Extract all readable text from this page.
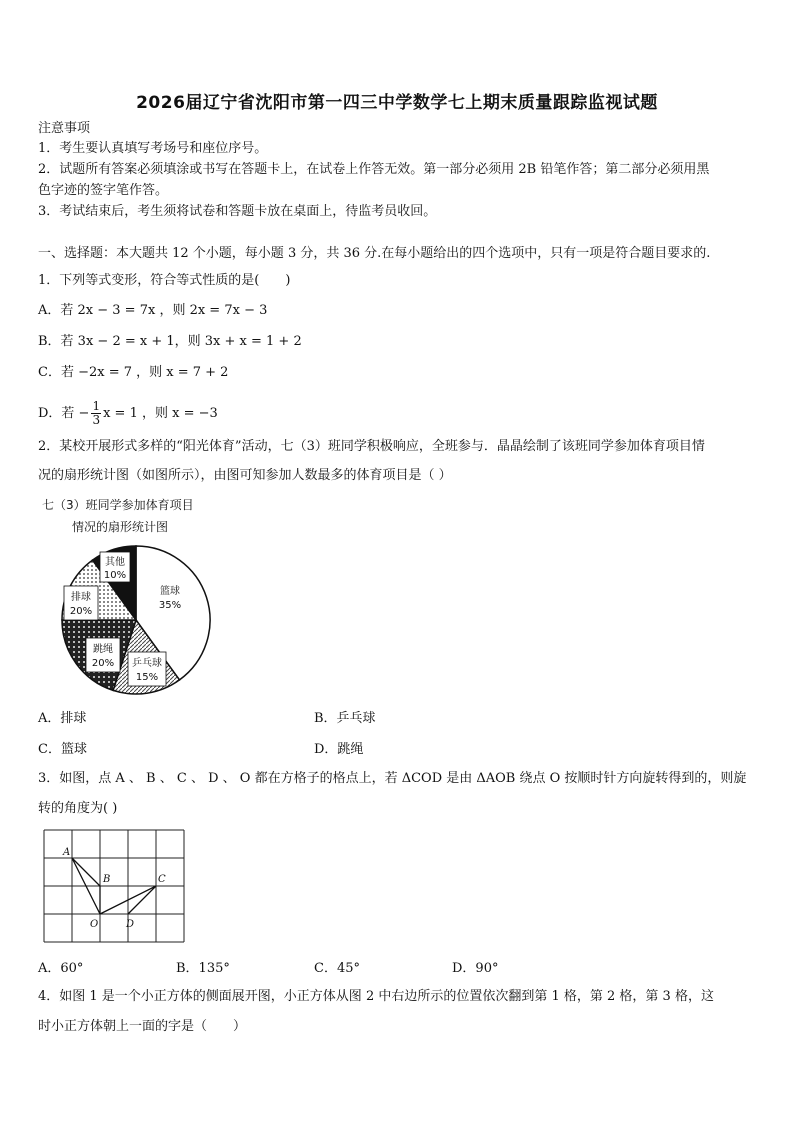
2026届辽宁省沈阳市第一四三中学数学七上期末质量跟踪监视试题
注意事项
1．考生要认真填写考场号和座位序号。
2．试题所有答案必须填涂或书写在答题卡上，在试卷上作答无效。第一部分必须用 2B 铅笔作答；第二部分必须用黑
色字迹的签字笔作答。
3．考试结束后，考生须将试卷和答题卡放在桌面上，待监考员收回。
一、选择题：本大题共 12 个小题，每小题 3 分，共 36 分.在每小题给出的四个选项中，只有一项是符合题目要求的.
1．下列等式变形，符合等式性质的是(　　)
A．若 2x − 3 = 7x ，则 2x = 7x − 3
B．若 3x − 2 = x + 1，则 3x + x = 1 + 2
C．若 −2x = 7 ，则 x = 7 + 2
D．若 − $\frac{1}{3}$ x = 1 ，则 x = −3
2．某校开展形式多样的“阳光体育”活动，七（3）班同学积极响应，全班参与．晶晶绘制了该班同学参加体育项目情
况的扇形统计图（如图所示），由图可知参加人数最多的体育项目是（ ）
七（3）班同学参加体育项目
情况的扇形统计图
其他
10%
排球
20%
篮球
35%
跳绳
20% 乒乓球
15%
A．排球	B．乒乓球
C．篮球	D．跳绳
3．如图，点 A 、 B 、 C 、 D 、 O 都在方格子的格点上，若 ΔCOD 是由 ΔAOB 绕点 O 按顺时针方向旋转得到的，则旋
转的角度为( )
A
B	C
D
O
A．60°	B．135°	C．45°	D．90°
4．如图 1 是一个小正方体的侧面展开图，小正方体从图 2 中右边所示的位置依次翻到第 1 格，第 2 格，第 3 格，这
时小正方体朝上一面的字是（　　）
